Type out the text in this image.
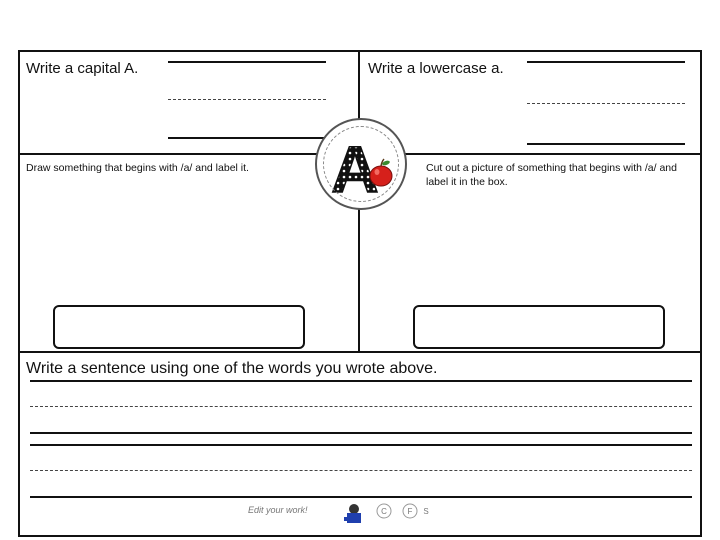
Write a capital A.	Write a lowercase a.
Draw something that begins with /a/ and label it.	Cut out a picture of something that begins with /a/ and label it in the box.
A
Write a sentence using one of the words you wrote above.
Edit your work!	C	F S
